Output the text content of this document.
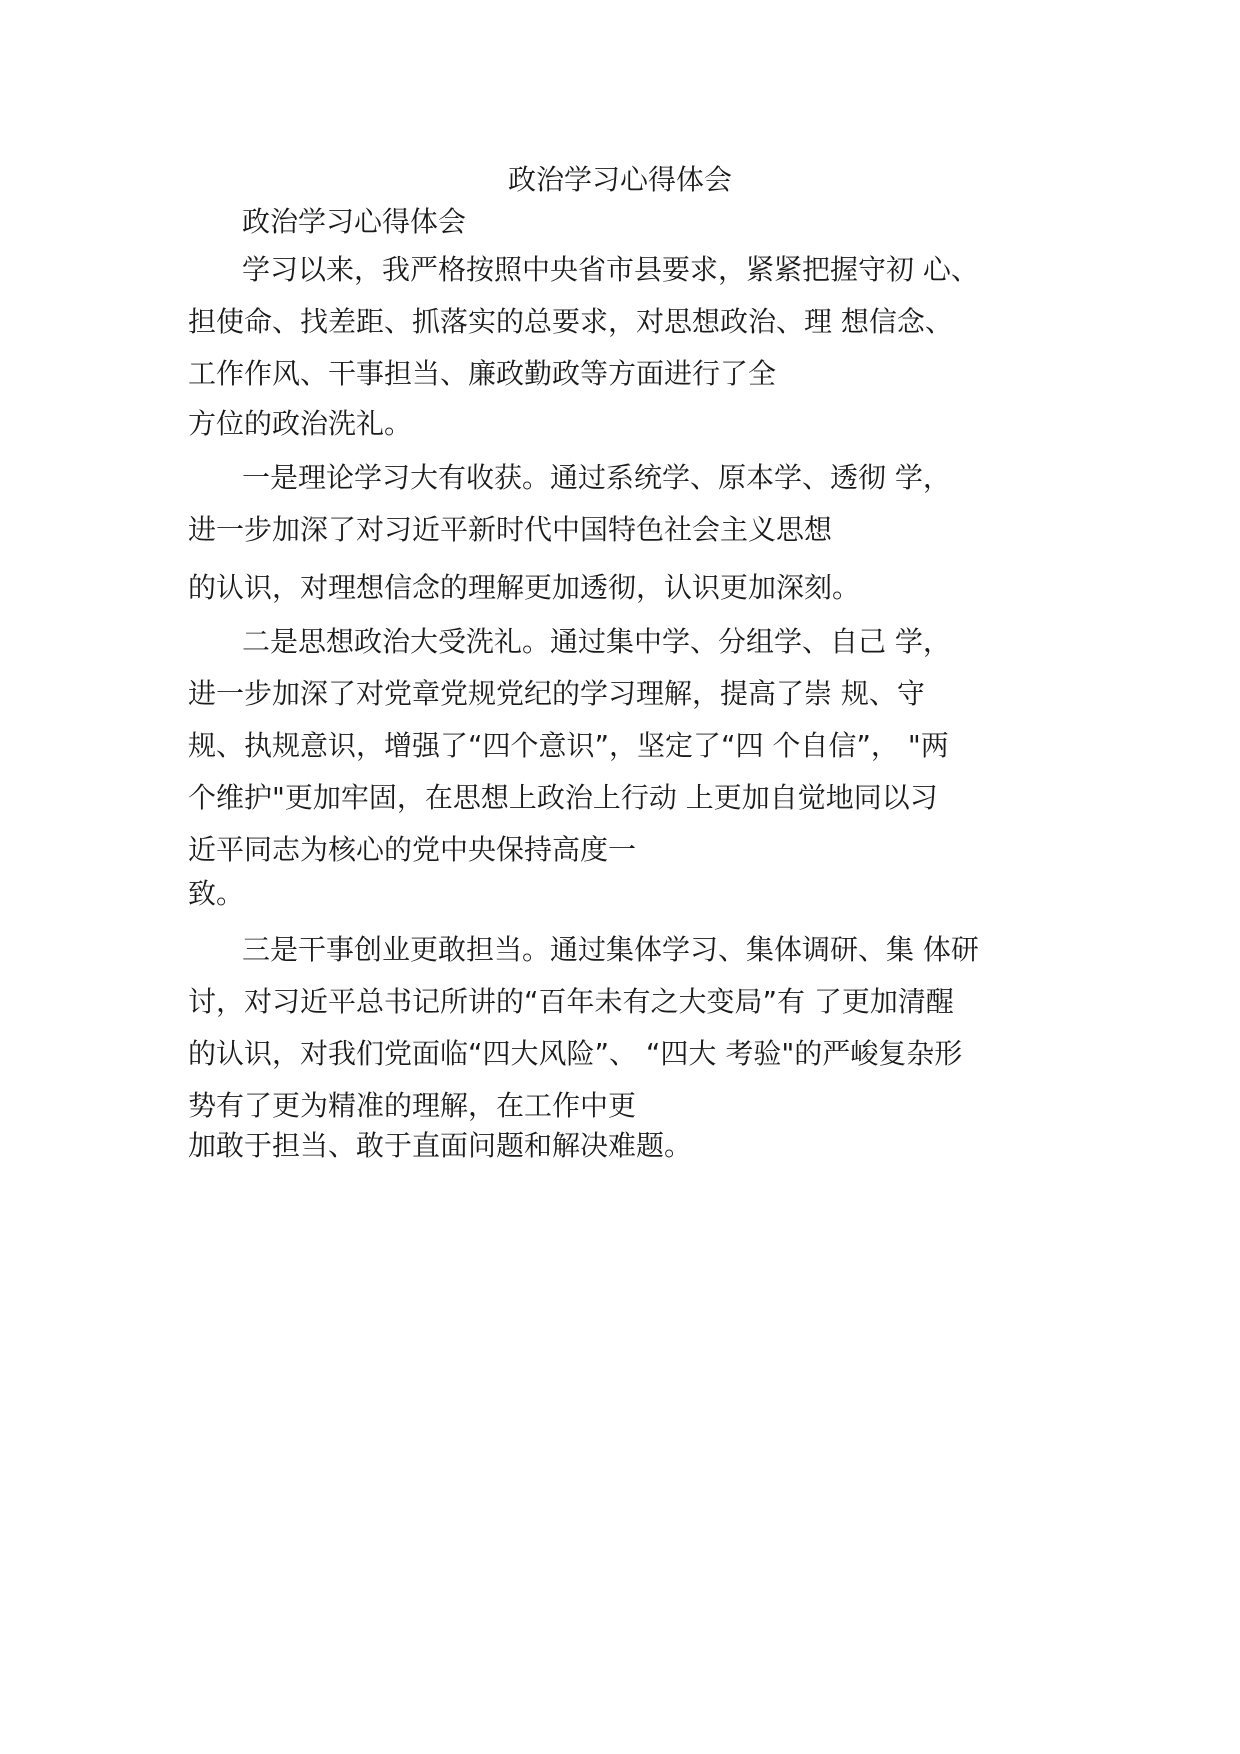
政治学习心得体会

政治学习心得体会

学习以来，我严格按照中央省市县要求，紧紧把握守初 心、
担使命、找差距、抓落实的总要求，对思想政治、理 想信念、
工作作风、干事担当、廉政勤政等方面进行了全

方位的政治洗礼。

一是理论学习大有收获。通过系统学、原本学、透彻 学，
进一步加深了对习近平新时代中国特色社会主义思想

的认识，对理想信念的理解更加透彻，认识更加深刻。

二是思想政治大受洗礼。通过集中学、分组学、自己 学，
进一步加深了对党章党规党纪的学习理解，提高了崇 规、守
规、执规意识，增强了“四个意识”，坚定了“四 个自信”， "两
个维护"更加牢固，在思想上政治上行动 上更加自觉地同以习
近平同志为核心的党中央保持高度一

致。

三是干事创业更敢担当。通过集体学习、集体调研、集 体研
讨，对习近平总书记所讲的“百年未有之大变局”有 了更加清醒
的认识，对我们党面临“四大风险”、 “四大 考验"的严峻复杂形
势有了更为精准的理解，在工作中更

加敢于担当、敢于直面问题和解决难题。
